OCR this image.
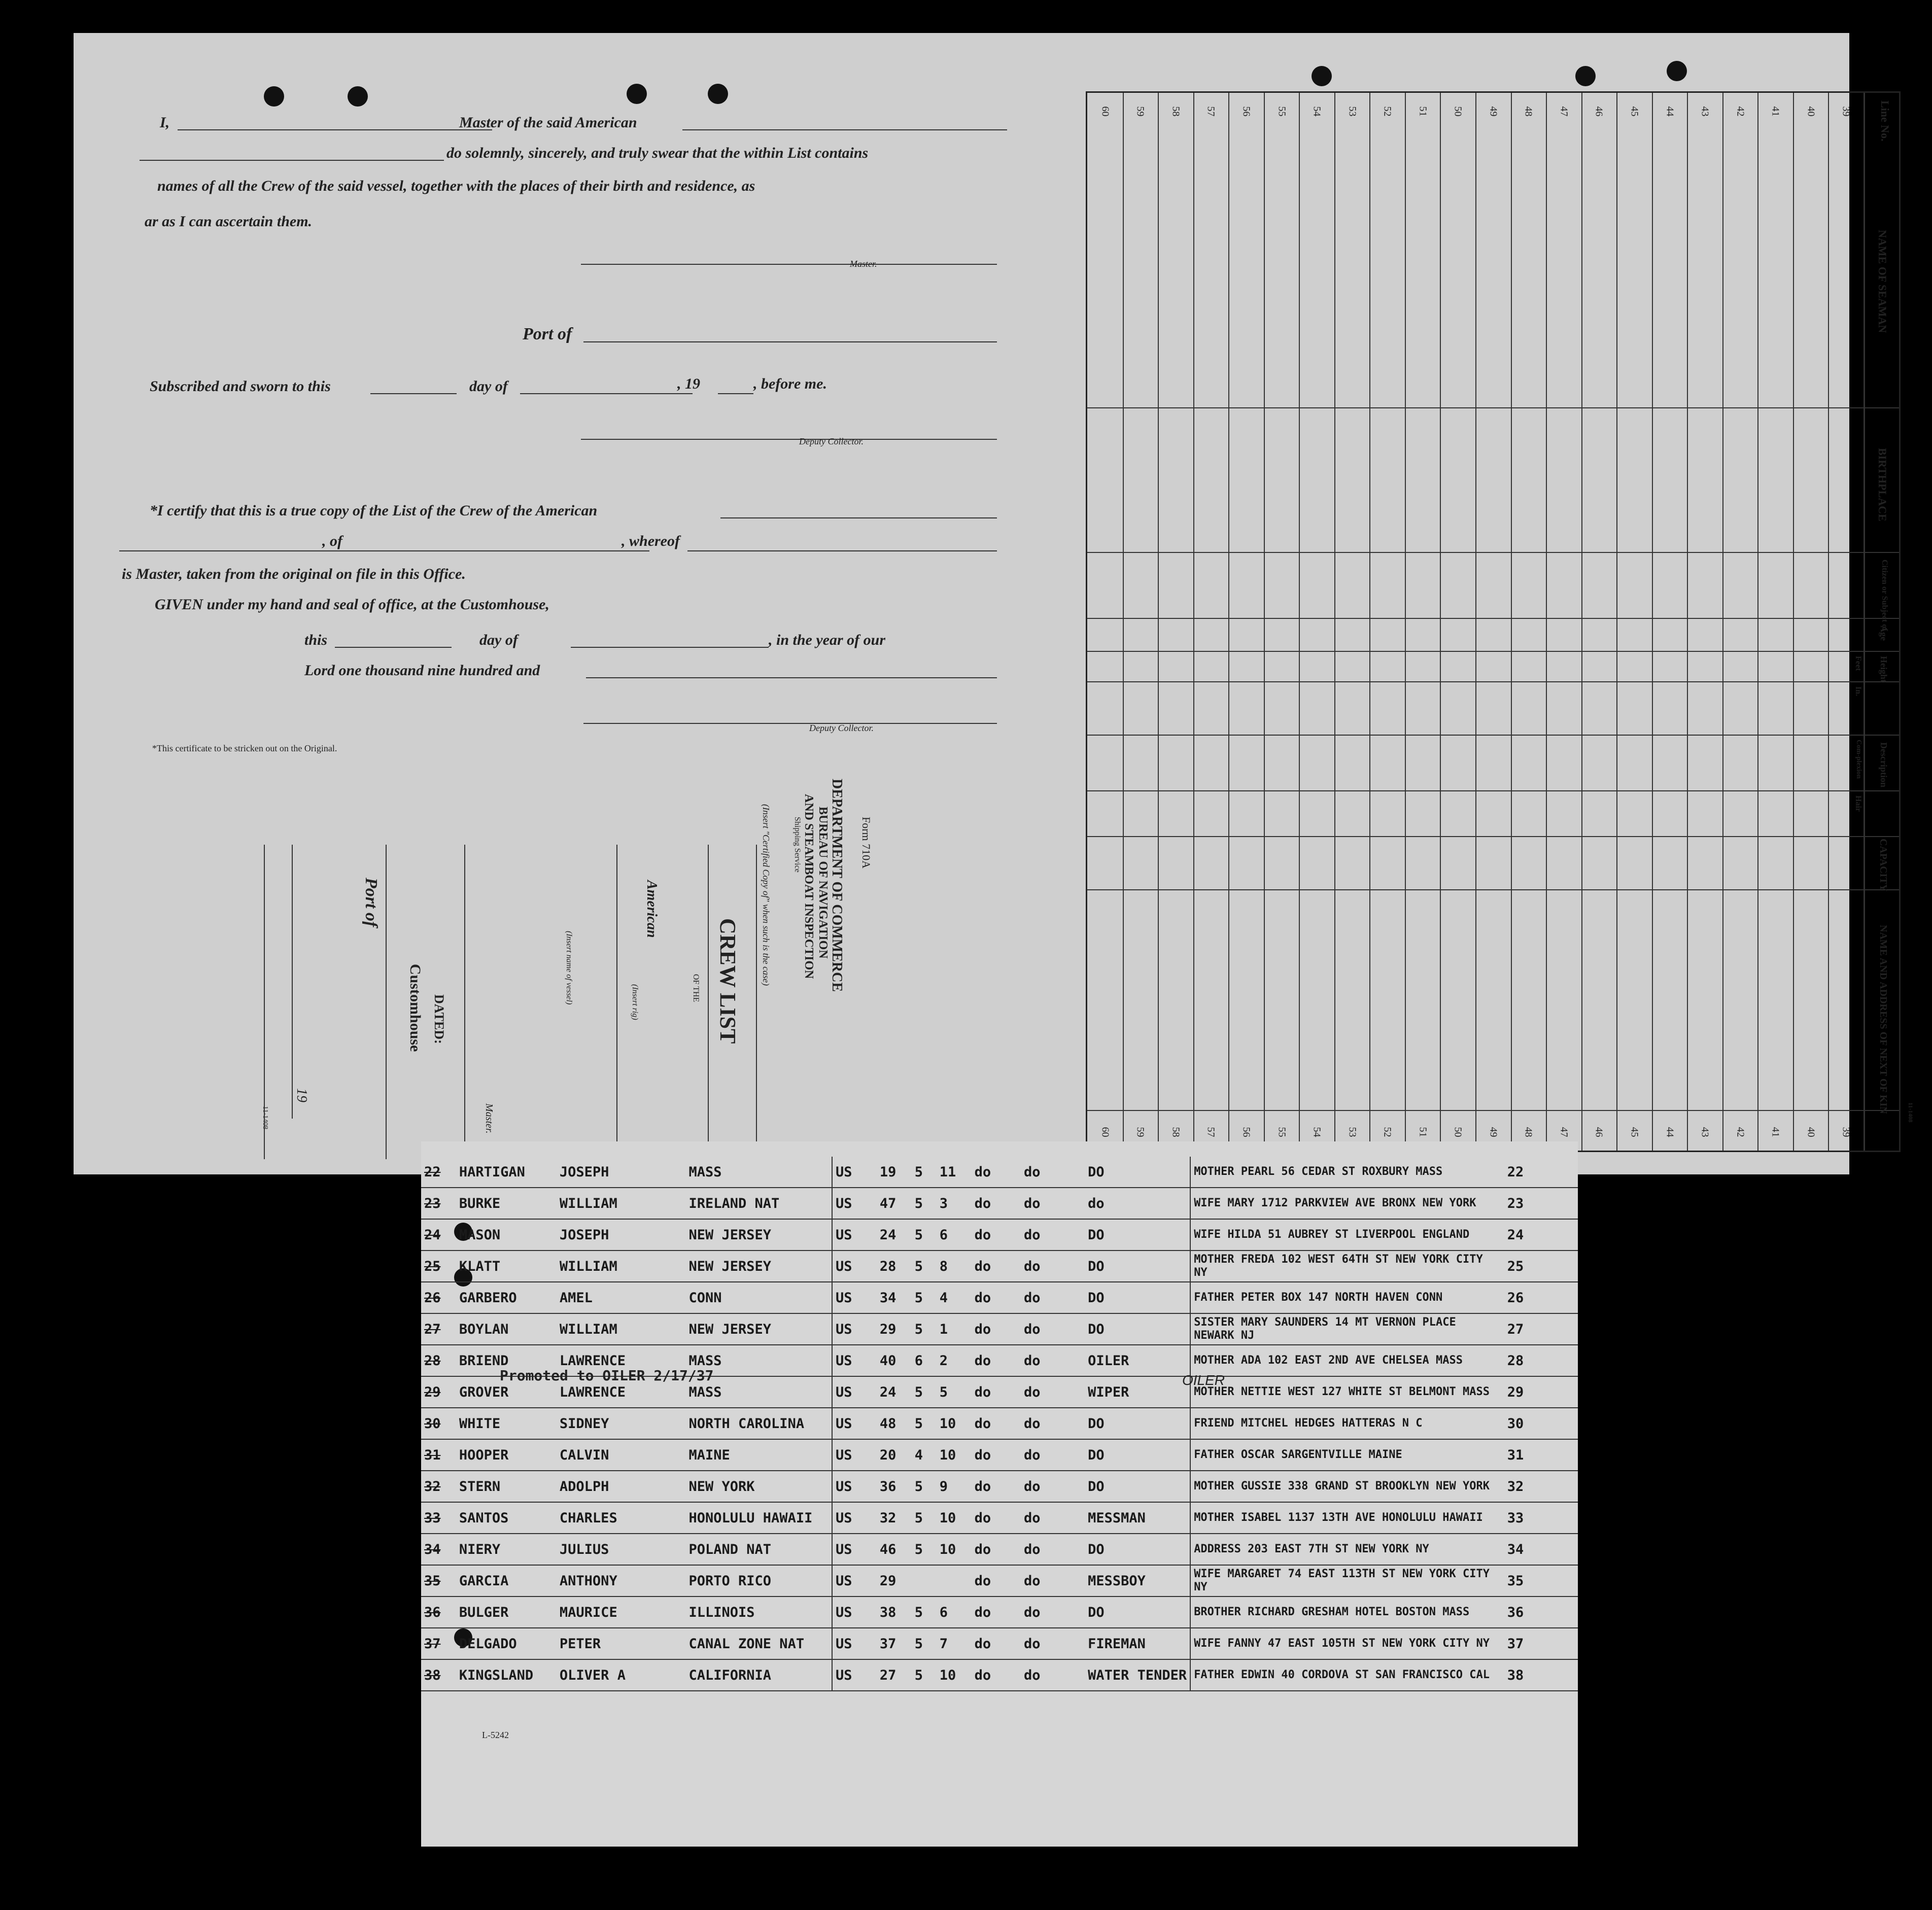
I,	Master of the said American
do solemnly, sincerely, and truly swear that the within List contains
names of all the Crew of the said vessel, together with the places of their birth and residence, as
ar as I can ascertain them.
Master.
Port of
Subscribed and sworn to this	day of	, 19	, before me.
Deputy Collector.
*I certify that this is a true copy of the List of the Crew of the American
, of	, whereof
is Master, taken from the original on file in this Office.
GIVEN under my hand and seal of office, at the Customhouse,
this	day of	, in the year of our
Lord one thousand nine hundred and
Deputy Collector.
*This certificate to be stricken out on the Original.
Form 710A
DEPARTMENT OF COMMERCE
BUREAU OF NAVIGATION
AND STEAMBOAT INSPECTION
Shipping Service
(Insert "Certified Copy of" when such is the case)
CREW LIST
OF THE
American
(Insert rig)
(Insert name of vessel)
DATED:
Customhouse
Port of
19
Master.
11-1408
Line No.
NAME OF SEAMAN
BIRTHPLACE
Citizen or Subject of
Age
Height
Feet
In.
Description
Com-plexion
Hair
CAPACITY
NAME AND ADDRESS OF NEXT OF KIN
60
60
59
59
58
58
57
57
56
56
55
55
54
54
53
53
52
52
51
51
50
50
49
49
48
48
47
47
46
46
45
45
44
44
43
43
42
42
41
41
40
40
39
39
11-1408
22	HARTIGAN	JOSEPH	MASS	US	19	5	11	do	do	DO	MOTHER PEARL 56 CEDAR ST ROXBURY MASS	22
23	BURKE	WILLIAM	IRELAND NAT	US	47	5	3	do	do	do	WIFE MARY 1712 PARKVIEW AVE BRONX NEW YORK	23
24	MASON	JOSEPH	NEW JERSEY	US	24	5	6	do	do	DO	WIFE HILDA 51 AUBREY ST LIVERPOOL ENGLAND	24
25	KLATT	WILLIAM	NEW JERSEY	US	28	5	8	do	do	DO	MOTHER FREDA 102 WEST 64TH ST NEW YORK CITY NY	25
26	GARBERO	AMEL	CONN	US	34	5	4	do	do	DO	FATHER PETER BOX 147 NORTH HAVEN CONN	26
27	BOYLAN	WILLIAM	NEW JERSEY	US	29	5	1	do	do	DO	SISTER MARY SAUNDERS 14 MT VERNON PLACE NEWARK NJ	27
28	BRIEND	LAWRENCE	MASS	US	40	6	2	do	do	OILER	MOTHER ADA 102 EAST 2ND AVE CHELSEA MASS	28
29	GROVER	LAWRENCE	MASS	US	24	5	5	do	do	WIPER	MOTHER NETTIE WEST 127 WHITE ST BELMONT MASS	29
30	WHITE	SIDNEY	NORTH CAROLINA	US	48	5	10	do	do	DO	FRIEND MITCHEL HEDGES HATTERAS N C	30
31	HOOPER	CALVIN	MAINE	US	20	4	10	do	do	DO	FATHER OSCAR SARGENTVILLE MAINE	31
32	STERN	ADOLPH	NEW YORK	US	36	5	9	do	do	DO	MOTHER GUSSIE 338 GRAND ST BROOKLYN NEW YORK	32
33	SANTOS	CHARLES	HONOLULU HAWAII	US	32	5	10	do	do	MESSMAN	MOTHER ISABEL 1137 13TH AVE HONOLULU HAWAII	33
34	NIERY	JULIUS	POLAND NAT	US	46	5	10	do	do	DO	ADDRESS 203 EAST 7TH ST NEW YORK NY	34
35	GARCIA	ANTHONY	PORTO RICO	US	29			do	do	MESSBOY	WIFE MARGARET 74 EAST 113TH ST NEW YORK CITY NY	35
36	BULGER	MAURICE	ILLINOIS	US	38	5	6	do	do	DO	BROTHER RICHARD GRESHAM HOTEL BOSTON MASS	36
37	DELGADO	PETER	CANAL ZONE NAT	US	37	5	7	do	do	FIREMAN	WIFE FANNY 47 EAST 105TH ST NEW YORK CITY NY	37
38	KINGSLAND	OLIVER A	CALIFORNIA	US	27	5	10	do	do	WATER TENDER	FATHER EDWIN 40 CORDOVA ST SAN FRANCISCO CAL	38
Promoted to OILER 2/17/37	OILER
L-5242
